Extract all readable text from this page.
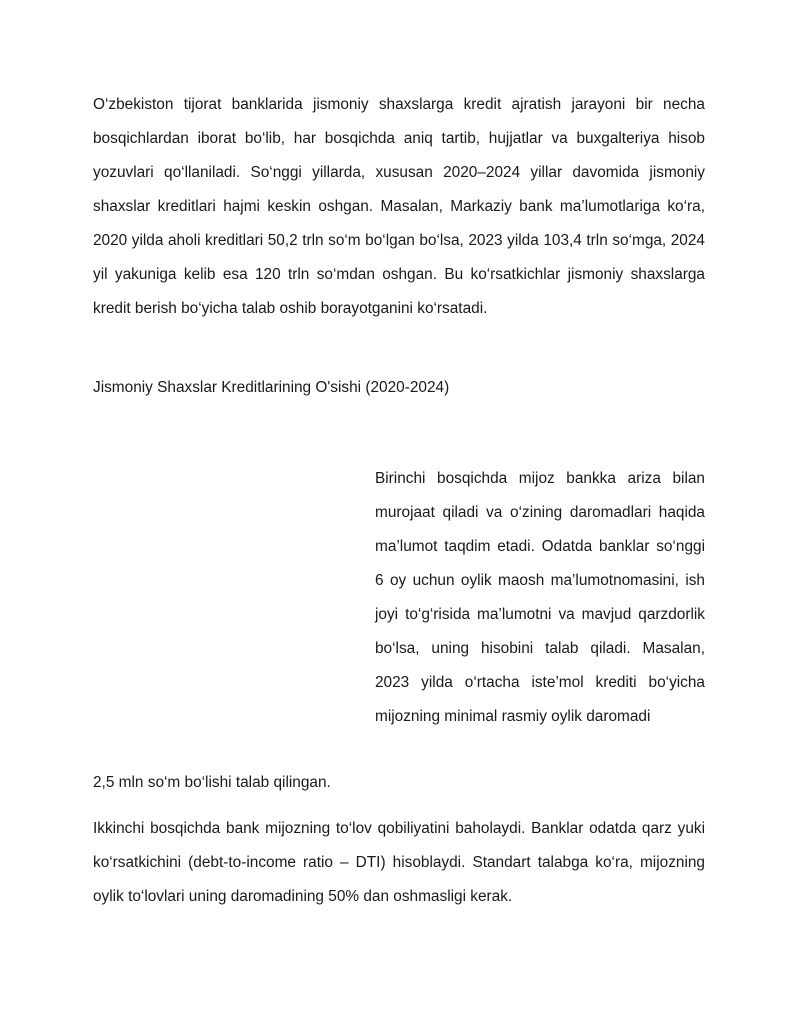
O‘zbekiston tijorat banklarida jismoniy shaxslarga kredit ajratish jarayoni bir necha bosqichlardan iborat bo‘lib, har bosqichda aniq tartib, hujjatlar va buxgalteriya hisob yozuvlari qo‘llaniladi. So‘nggi yillarda, xususan 2020–2024 yillar davomida jismoniy shaxslar kreditlari hajmi keskin oshgan. Masalan, Markaziy bank ma’lumotlariga ko‘ra, 2020 yilda aholi kreditlari 50,2 trln so‘m bo‘lgan bo‘lsa, 2023 yilda 103,4 trln so‘mga, 2024 yil yakuniga kelib esa 120 trln so‘mdan oshgan. Bu ko‘rsatkichlar jismoniy shaxslarga kredit berish bo‘yicha talab oshib borayotganini ko‘rsatadi.

Jismoniy Shaxslar Kreditlarining O'sishi (2020-2024)

Birinchi bosqichda mijoz bankka ariza bilan murojaat qiladi va o‘zining daromadlari haqida ma’lumot taqdim etadi. Odatda banklar so‘nggi 6 oy uchun oylik maosh ma’lumotnomasini, ish joyi to‘g‘risida ma’lumotni va mavjud qarzdorlik bo‘lsa, uning hisobini talab qiladi. Masalan, 2023 yilda o‘rtacha iste’mol krediti bo‘yicha mijozning minimal rasmiy oylik daromadi

2,5 mln so‘m bo‘lishi talab qilingan.

Ikkinchi bosqichda bank mijozning to‘lov qobiliyatini baholaydi. Banklar odatda qarz yuki ko‘rsatkichini (debt-to-income ratio – DTI) hisoblaydi. Standart talabga ko‘ra, mijozning oylik to‘lovlari uning daromadining 50% dan oshmasligi kerak.
